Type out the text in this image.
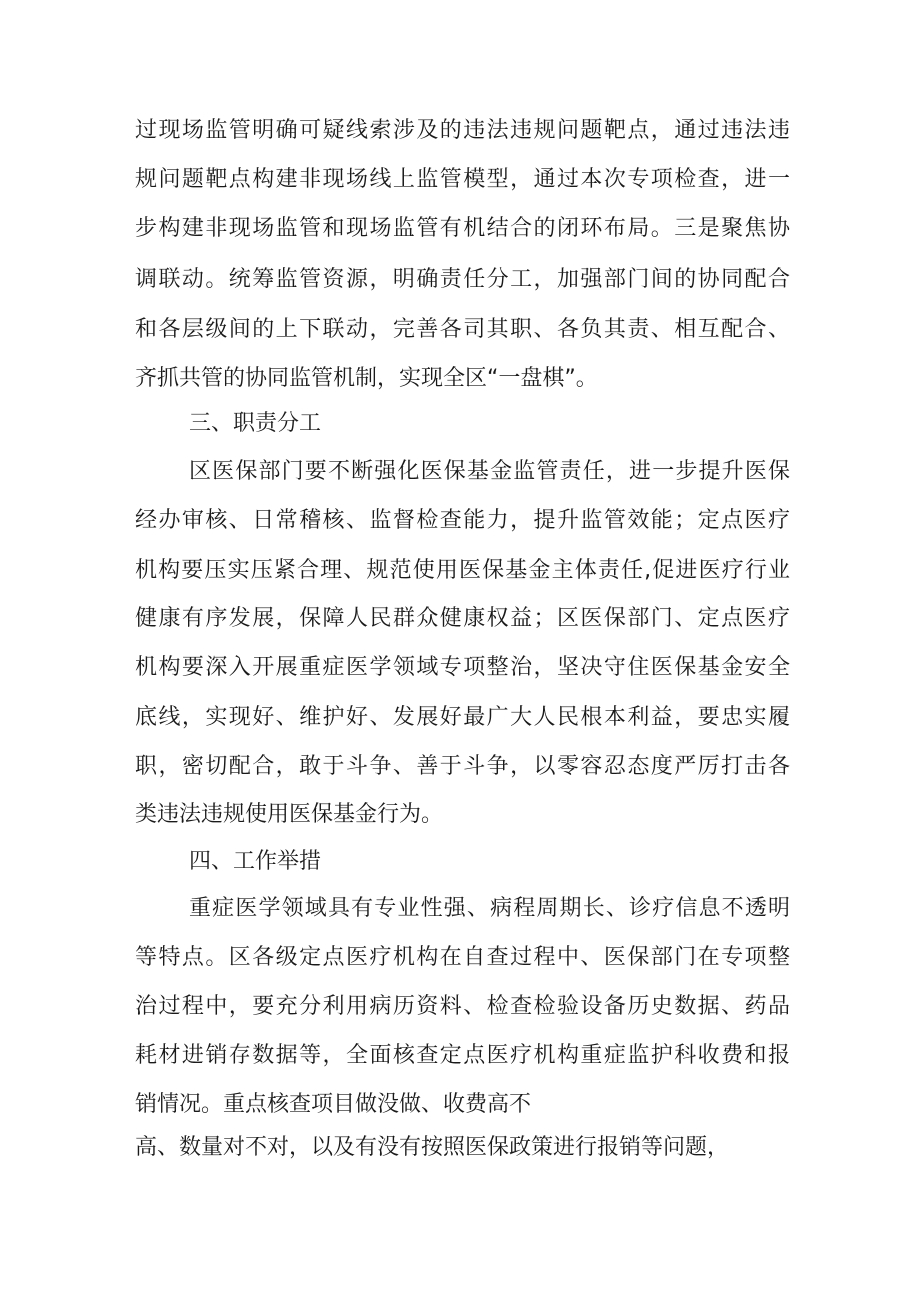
过现场监管明确可疑线索涉及的违法违规问题靶点，通过违法违
规问题靶点构建非现场线上监管模型，通过本次专项检查，进一
步构建非现场监管和现场监管有机结合的闭环布局。三是聚焦协
调联动。统筹监管资源，明确责任分工，加强部门间的协同配合
和各层级间的上下联动，完善各司其职、各负其责、相互配合、
齐抓共管的协同监管机制，实现全区“一盘棋”。
三、职责分工
区医保部门要不断强化医保基金监管责任，进一步提升医保
经办审核、日常稽核、监督检查能力，提升监管效能；定点医疗
机构要压实压紧合理、规范使用医保基金主体责任,促进医疗行业
健康有序发展，保障人民群众健康权益；区医保部门、定点医疗
机构要深入开展重症医学领域专项整治，坚决守住医保基金安全
底线，实现好、维护好、发展好最广大人民根本利益，要忠实履
职，密切配合，敢于斗争、善于斗争，以零容忍态度严厉打击各
类违法违规使用医保基金行为。
四、工作举措
重症医学领域具有专业性强、病程周期长、诊疗信息不透明
等特点。区各级定点医疗机构在自查过程中、医保部门在专项整
治过程中，要充分利用病历资料、检查检验设备历史数据、药品
耗材进销存数据等，全面核查定点医疗机构重症监护科收费和报
销情况。重点核查项目做没做、收费高不
高、数量对不对，以及有没有按照医保政策进行报销等问题，
